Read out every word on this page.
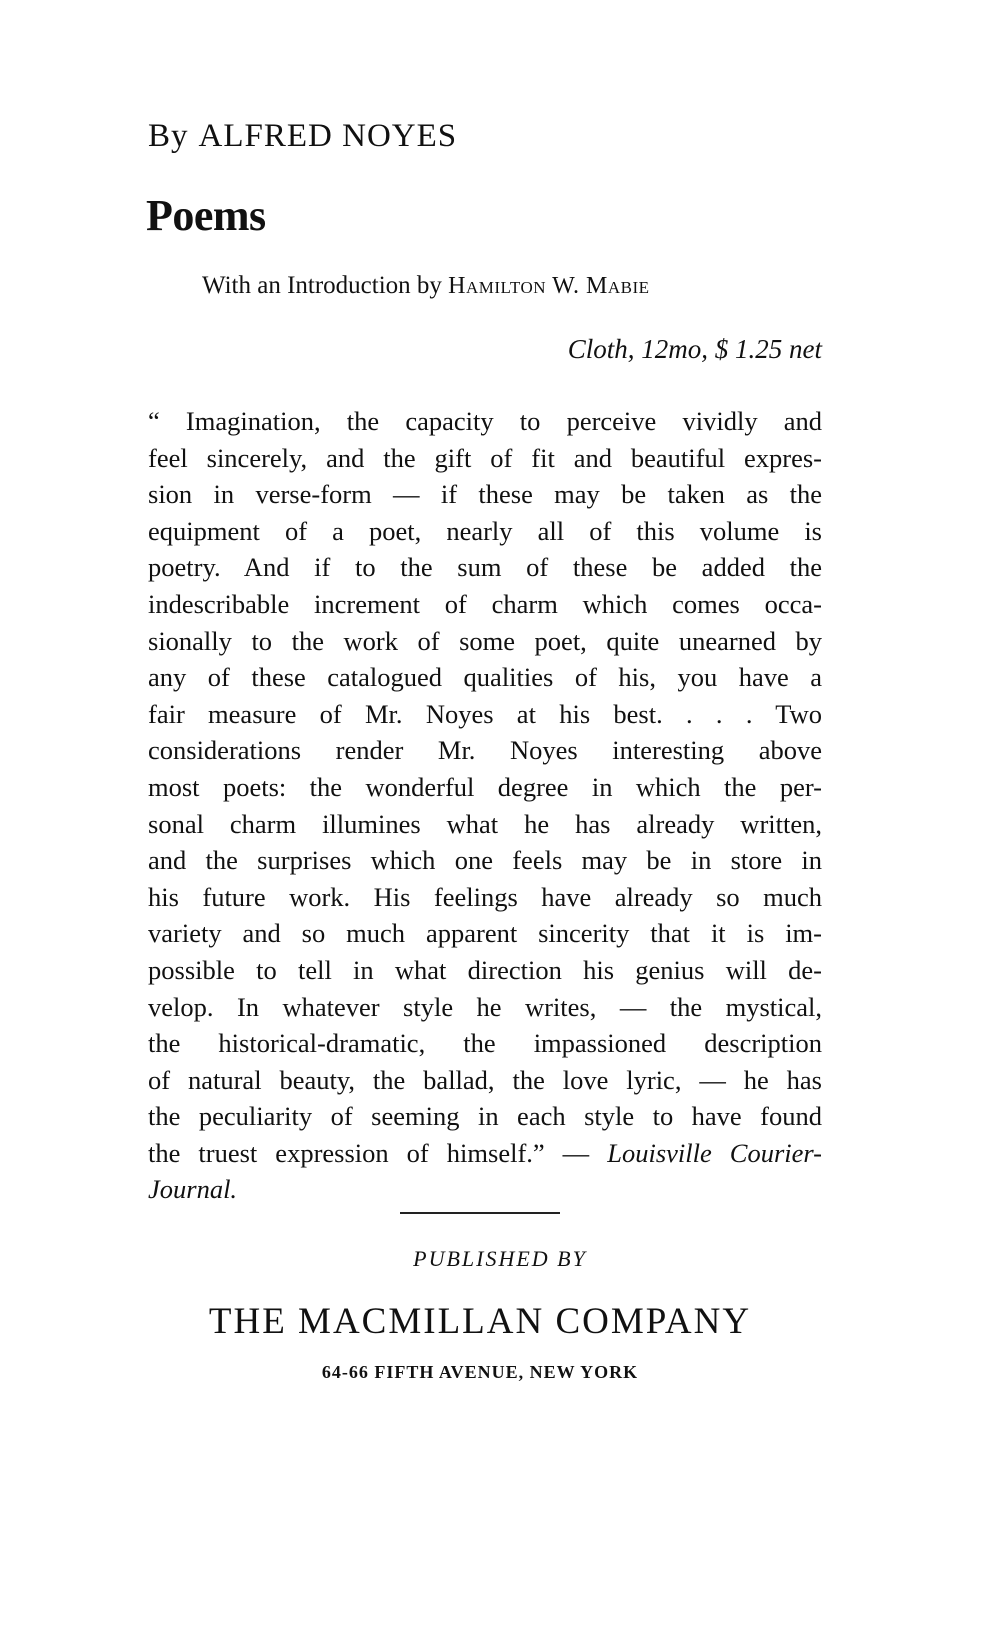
By ALFRED NOYES
Poems
With an Introduction by Hamilton W. Mabie
Cloth, 12mo, $ 1.25 net
“ Imagination, the capacity to perceive vividly and
feel sincerely, and the gift of fit and beautiful expres-
sion in verse-form — if these may be taken as the
equipment of a poet, nearly all of this volume is
poetry. And if to the sum of these be added the
indescribable increment of charm which comes occa-
sionally to the work of some poet, quite unearned by
any of these catalogued qualities of his, you have a
fair measure of Mr. Noyes at his best. . . . Two
considerations render Mr. Noyes interesting above
most poets: the wonderful degree in which the per-
sonal charm illumines what he has already written,
and the surprises which one feels may be in store in
his future work. His feelings have already so much
variety and so much apparent sincerity that it is im-
possible to tell in what direction his genius will de-
velop. In whatever style he writes, — the mystical,
the historical-dramatic, the impassioned description
of natural beauty, the ballad, the love lyric, — he has
the peculiarity of seeming in each style to have found
the truest expression of himself.” — Louisville Courier-
Journal.
PUBLISHED BY
THE MACMILLAN COMPANY
64-66 FIFTH AVENUE, NEW YORK
